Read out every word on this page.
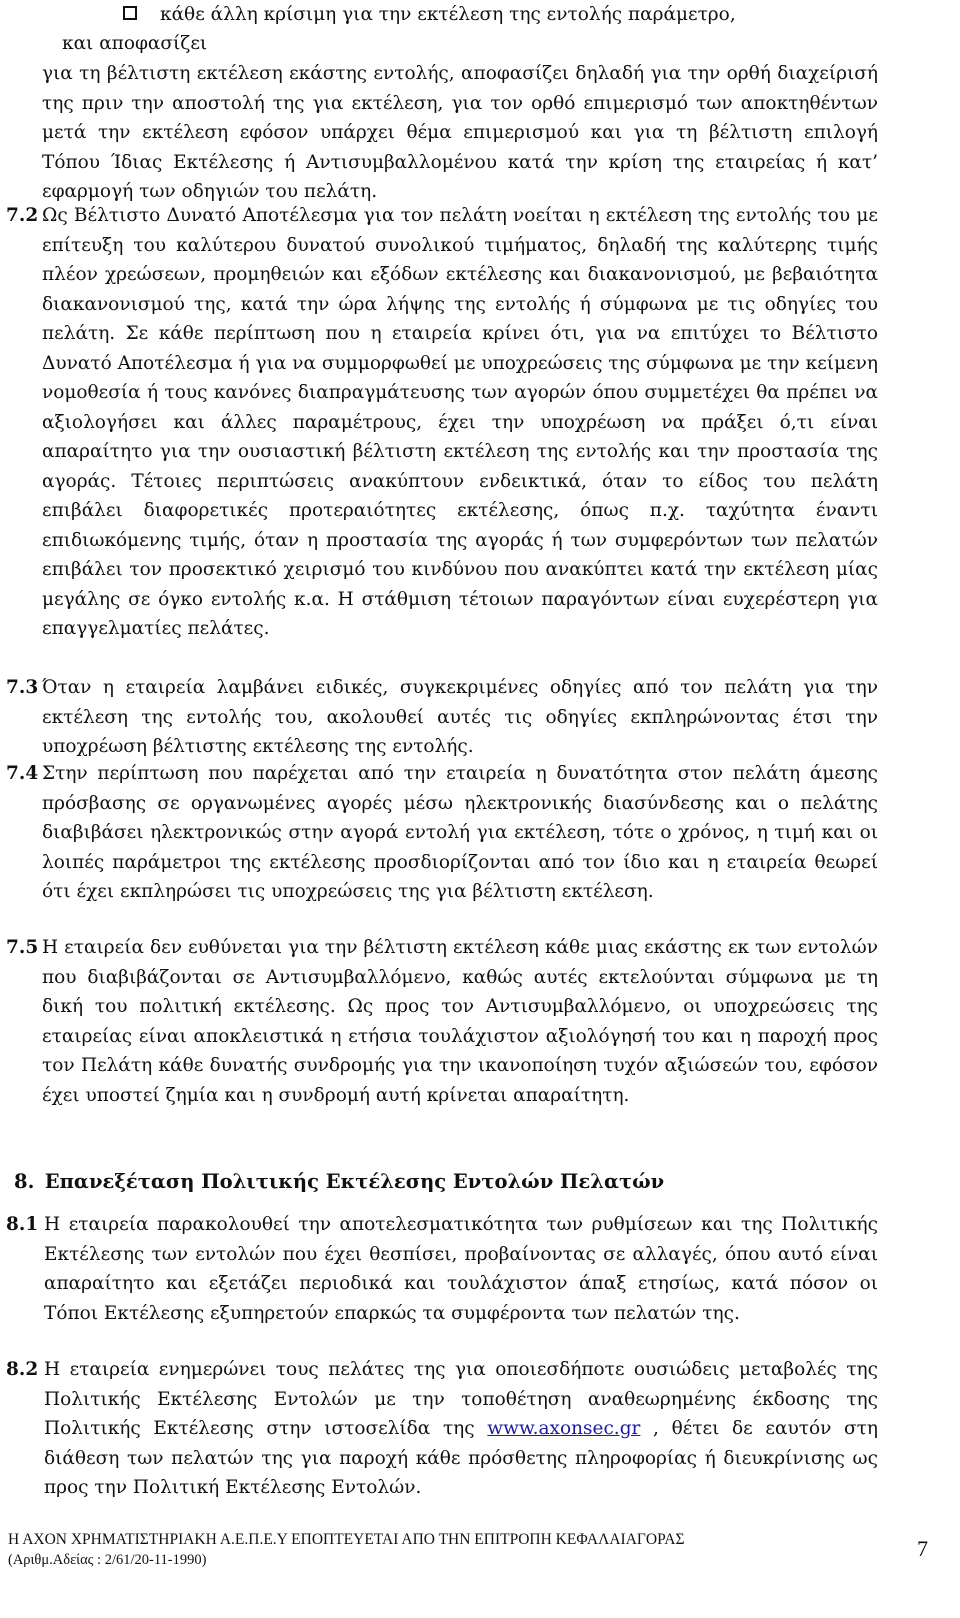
κάθε άλλη κρίσιμη για την εκτέλεση της εντολής παράμετρο,
και αποφασίζει
για τη βέλτιστη εκτέλεση εκάστης εντολής, αποφασίζει δηλαδή για την ορθή διαχείρισή της πριν την αποστολή της για εκτέλεση, για τον ορθό επιμερισμό των αποκτηθέντων μετά την εκτέλεση εφόσον υπάρχει θέμα επιμερισμού και για τη βέλτιστη επιλογή Τόπου Ίδιας Εκτέλεσης ή Αντισυμβαλλομένου κατά την κρίση της εταιρείας ή κατ’ εφαρμογή των οδηγιών του πελάτη.
7.2 Ως Βέλτιστο Δυνατό Αποτέλεσμα για τον πελάτη νοείται η εκτέλεση της εντολής του με επίτευξη του καλύτερου δυνατού συνολικού τιμήματος, δηλαδή της καλύτερης τιμής πλέον χρεώσεων, προμηθειών και εξόδων εκτέλεσης και διακανονισμού, με βεβαιότητα διακανονισμού της, κατά την ώρα λήψης της εντολής ή σύμφωνα με τις οδηγίες του πελάτη. Σε κάθε περίπτωση που η εταιρεία κρίνει ότι, για να επιτύχει το Βέλτιστο Δυνατό Αποτέλεσμα ή για να συμμορφωθεί με υποχρεώσεις της σύμφωνα με την κείμενη νομοθεσία ή τους κανόνες διαπραγμάτευσης των αγορών όπου συμμετέχει θα πρέπει να αξιολογήσει και άλλες παραμέτρους, έχει την υποχρέωση να πράξει ό,τι είναι απαραίτητο για την ουσιαστική βέλτιστη εκτέλεση της εντολής και την προστασία της αγοράς. Τέτοιες περιπτώσεις ανακύπτουν ενδεικτικά, όταν το είδος του πελάτη επιβάλει διαφορετικές προτεραιότητες εκτέλεσης, όπως π.χ. ταχύτητα έναντι επιδιωκόμενης τιμής, όταν η προστασία της αγοράς ή των συμφερόντων των πελατών επιβάλει τον προσεκτικό χειρισμό του κινδύνου που ανακύπτει κατά την εκτέλεση μίας μεγάλης σε όγκο εντολής κ.α. Η στάθμιση τέτοιων παραγόντων είναι ευχερέστερη για επαγγελματίες πελάτες.
7.3 Όταν η εταιρεία λαμβάνει ειδικές, συγκεκριμένες οδηγίες από τον πελάτη για την εκτέλεση της εντολής του, ακολουθεί αυτές τις οδηγίες εκπληρώνοντας έτσι την υποχρέωση βέλτιστης εκτέλεσης της εντολής.
7.4 Στην περίπτωση που παρέχεται από την εταιρεία η δυνατότητα στον πελάτη άμεσης πρόσβασης σε οργανωμένες αγορές μέσω ηλεκτρονικής διασύνδεσης και ο πελάτης διαβιβάσει ηλεκτρονικώς στην αγορά εντολή για εκτέλεση, τότε ο χρόνος, η τιμή και οι λοιπές παράμετροι της εκτέλεσης προσδιορίζονται από τον ίδιο και η εταιρεία θεωρεί ότι έχει εκπληρώσει τις υποχρεώσεις της για βέλτιστη εκτέλεση.
7.5 Η εταιρεία δεν ευθύνεται για την βέλτιστη εκτέλεση κάθε μιας εκάστης εκ των εντολών που διαβιβάζονται σε Αντισυμβαλλόμενο, καθώς αυτές εκτελούνται σύμφωνα με τη δική του πολιτική εκτέλεσης. Ως προς τον Αντισυμβαλλόμενο, οι υποχρεώσεις της εταιρείας είναι αποκλειστικά η ετήσια τουλάχιστον αξιολόγησή του και η παροχή προς τον Πελάτη κάθε δυνατής συνδρομής για την ικανοποίηση τυχόν αξιώσεών του, εφόσον έχει υποστεί ζημία και η συνδρομή αυτή κρίνεται απαραίτητη.
8. Επανεξέταση Πολιτικής Εκτέλεσης Εντολών Πελατών
8.1 Η εταιρεία παρακολουθεί την αποτελεσματικότητα των ρυθμίσεων και της Πολιτικής Εκτέλεσης των εντολών που έχει θεσπίσει, προβαίνοντας σε αλλαγές, όπου αυτό είναι απαραίτητο και εξετάζει περιοδικά και τουλάχιστον άπαξ ετησίως, κατά πόσον οι Τόποι Εκτέλεσης εξυπηρετούν επαρκώς τα συμφέροντα των πελατών της.
8.2 Η εταιρεία ενημερώνει τους πελάτες της για οποιεσδήποτε ουσιώδεις μεταβολές της Πολιτικής Εκτέλεσης Εντολών με την τοποθέτηση αναθεωρημένης έκδοσης της Πολιτικής Εκτέλεσης στην ιστοσελίδα της www.axonsec.gr , θέτει δε εαυτόν στη διάθεση των πελατών της για παροχή κάθε πρόσθετης πληροφορίας ή διευκρίνισης ως προς την Πολιτική Εκτέλεσης Εντολών.
Η ΑΧΟΝ ΧΡΗΜΑΤΙΣΤΗΡΙΑΚΗ Α.Ε.Π.Ε.Υ ΕΠΟΠΤΕΥΕΤΑΙ ΑΠΟ ΤΗΝ ΕΠΙΤΡΟΠΗ ΚΕΦΑΛΑΙΑΓΟΡΑΣ
(Αριθμ.Αδείας : 2/61/20-11-1990)	7
